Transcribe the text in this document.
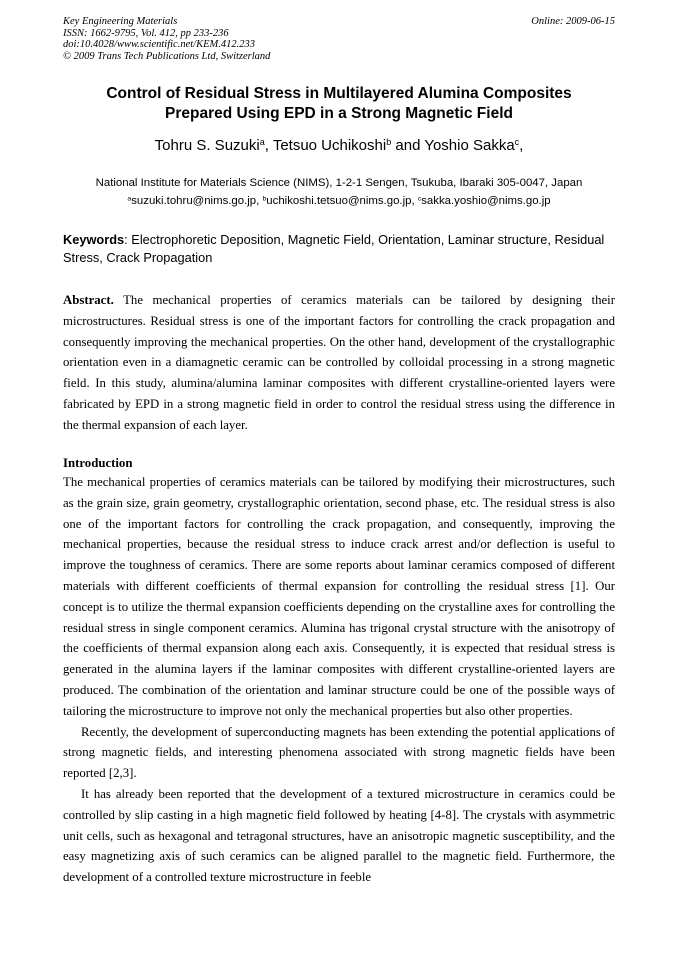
Key Engineering Materials
ISSN: 1662-9795, Vol. 412, pp 233-236
doi:10.4028/www.scientific.net/KEM.412.233
© 2009 Trans Tech Publications Ltd, Switzerland
Online: 2009-06-15
Control of Residual Stress in Multilayered Alumina Composites
Prepared Using EPD in a Strong Magnetic Field
Tohru S. Suzuki$^a$, Tetsuo Uchikoshi$^b$ and Yoshio Sakka$^c$,
National Institute for Materials Science (NIMS), 1-2-1 Sengen, Tsukuba, Ibaraki 305-0047, Japan
$^a$suzuki.tohru@nims.go.jp, $^b$uchikoshi.tetsuo@nims.go.jp, $^c$sakka.yoshio@nims.go.jp
Keywords: Electrophoretic Deposition, Magnetic Field, Orientation, Laminar structure, Residual Stress, Crack Propagation
Abstract. The mechanical properties of ceramics materials can be tailored by designing their microstructures. Residual stress is one of the important factors for controlling the crack propagation and consequently improving the mechanical properties. On the other hand, development of the crystallographic orientation even in a diamagnetic ceramic can be controlled by colloidal processing in a strong magnetic field. In this study, alumina/alumina laminar composites with different crystalline-oriented layers were fabricated by EPD in a strong magnetic field in order to control the residual stress using the difference in the thermal expansion of each layer.
Introduction

The mechanical properties of ceramics materials can be tailored by modifying their microstructures, such as the grain size, grain geometry, crystallographic orientation, second phase, etc. The residual stress is also one of the important factors for controlling the crack propagation, and consequently, improving the mechanical properties, because the residual stress to induce crack arrest and/or deflection is useful to improve the toughness of ceramics. There are some reports about laminar ceramics composed of different materials with different coefficients of thermal expansion for controlling the residual stress [1]. Our concept is to utilize the thermal expansion coefficients depending on the crystalline axes for controlling the residual stress in single component ceramics. Alumina has trigonal crystal structure with the anisotropy of the coefficients of thermal expansion along each axis. Consequently, it is expected that residual stress is generated in the alumina layers if the laminar composites with different crystalline-oriented layers are produced. The combination of the orientation and laminar structure could be one of the possible ways of tailoring the microstructure to improve not only the mechanical properties but also other properties.

Recently, the development of superconducting magnets has been extending the potential applications of strong magnetic fields, and interesting phenomena associated with strong magnetic fields have been reported [2,3].

It has already been reported that the development of a textured microstructure in ceramics could be controlled by slip casting in a high magnetic field followed by heating [4-8]. The crystals with asymmetric unit cells, such as hexagonal and tetragonal structures, have an anisotropic magnetic susceptibility, and the easy magnetizing axis of such ceramics can be aligned parallel to the magnetic field. Furthermore, the development of a controlled texture microstructure in feeble
